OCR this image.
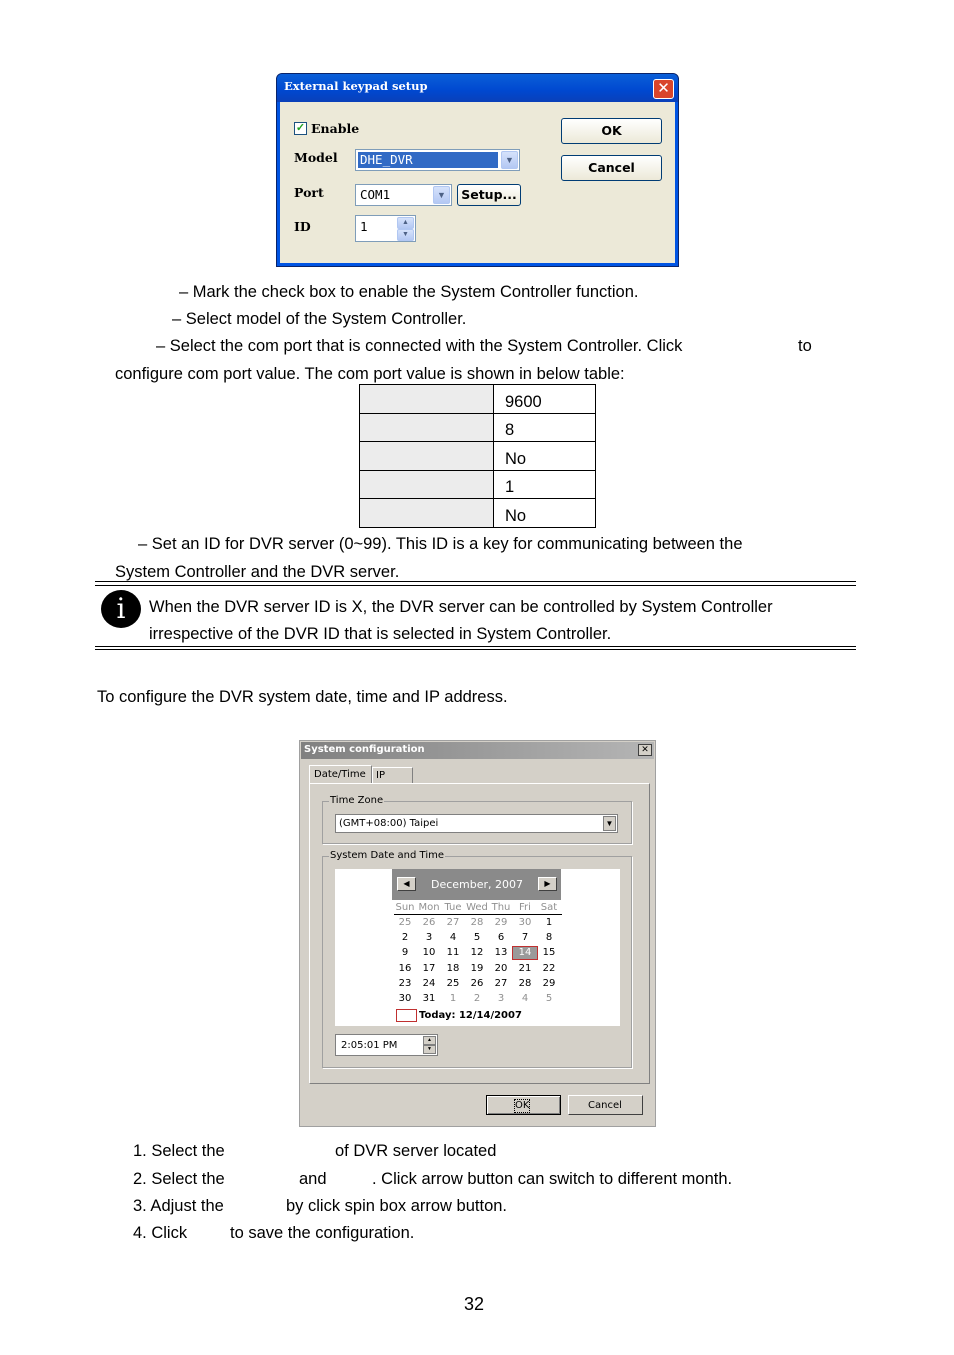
External keypad setup	✕
✓ Enable
Model DHE_DVR	▼
Port	COM1	▼	Setup...
ID	1	▲
▼
OK
Cancel
– Mark the check box to enable the System Controller function.
– Select model of the System Controller.
– Select the com port that is connected with the System Controller. Click	to
configure com port value. The com port value is shown in below table:
	9600
	8
	No
	1
	No
– Set an ID for DVR server (0~99). This ID is a key for communicating between the
System Controller and the DVR server.
i	When the DVR server ID is X, the DVR server can be controlled by System Controller
irrespective of the DVR ID that is selected in System Controller.
To configure the DVR system date, time and IP address.
System configuration	✕
Date/Time IP
Time Zone
(GMT+08:00) Taipei	▼
System Date and Time
◀	December, 2007	▶
Sun Mon Tue Wed Thu Fri Sat
25	26	27	28	29	30	1
2	3	4	5	6	7	8
9	10	11	12	13	14	15
16	17	18	19	20	21	22
23	24	25	26	27	28	29
30	31	1	2	3	4	5
Today: 12/14/2007
2:05:01 PM	▲
▼
OK	Cancel
1. Select the	of DVR server located
2. Select the	and	. Click arrow button can switch to different month.
3. Adjust the	by click spin box arrow button.
4. Click	to save the configuration.
32
